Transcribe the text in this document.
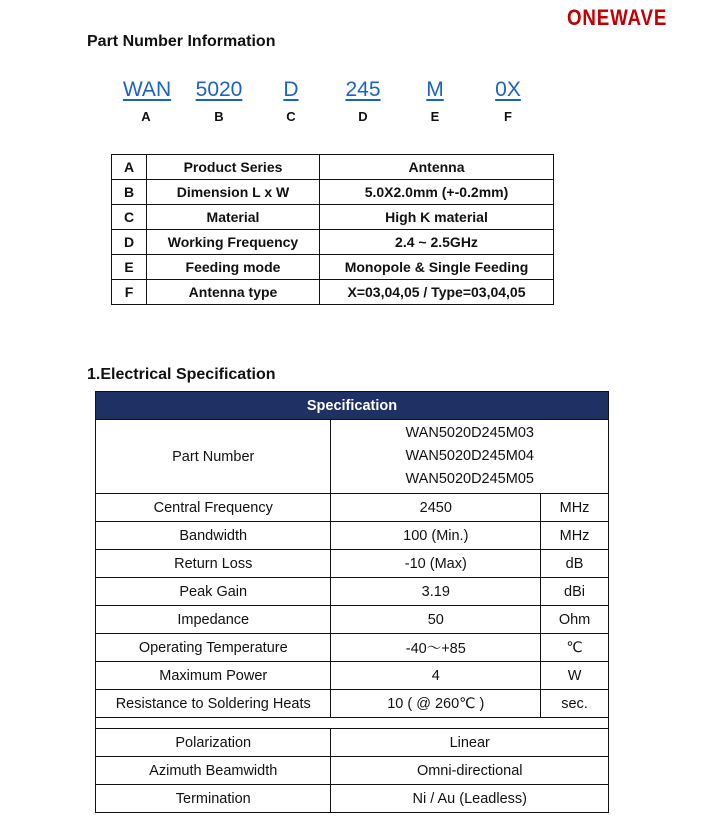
ONEWAVE
Part Number Information
WAN 5020	D	245 M 0X
A	B	C	D	E	F
A	Product Series	Antenna
B	Dimension L x W	5.0X2.0mm (+-0.2mm)
C	Material	High K material
D	Working Frequency	2.4 ~ 2.5GHz
E	Feeding mode	Monopole & Single Feeding
F	Antenna type	X=03,04,05 / Type=03,04,05
1.Electrical Specification
Specification		
Part Number	WAN5020D245M03
WAN5020D245M04
WAN5020D245M05	

Central Frequency	2450	MHz
Bandwidth	100 (Min.)	MHz
Return Loss	-10 (Max)	dB
Peak Gain	3.19	dBi
Impedance	50	Ohm
Operating Temperature	-40～+85	℃
Maximum Power	4	W
Resistance to Soldering Heats	10 ( @ 260℃ )	sec.

Polarization	Linear	
Azimuth Beamwidth	Omni-directional	
Termination	Ni / Au (Leadless)	
